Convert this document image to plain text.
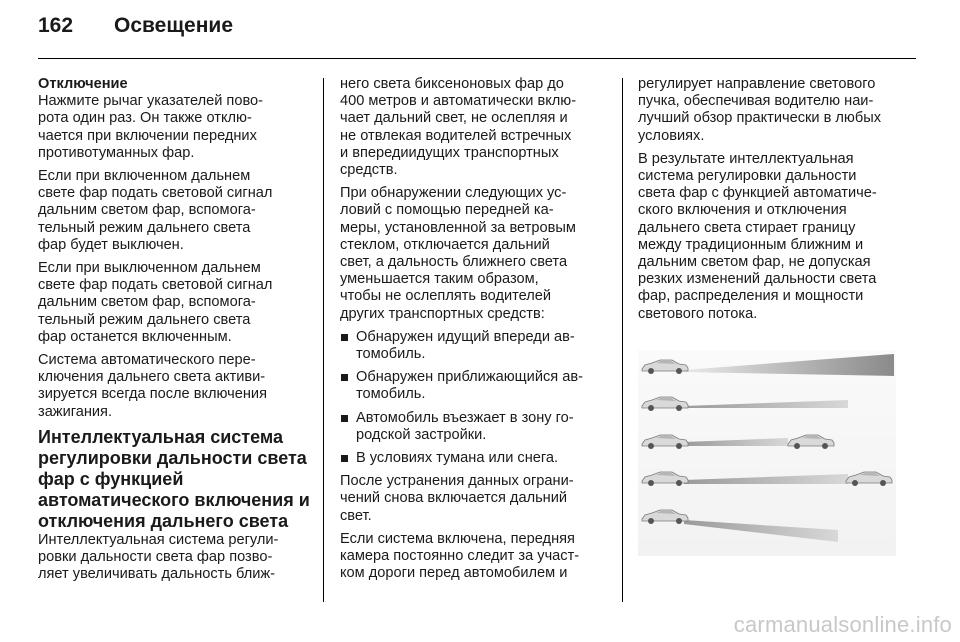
162	Освещение
Отключение
Нажмите рычаг указателей пово-
рота один раз. Он также отклю-
чается при включении передних
противотуманных фар.
Если при включенном дальнем
свете фар подать световой сигнал
дальним светом фар, вспомога-
тельный режим дальнего света
фар будет выключен.
Если при выключенном дальнем
свете фар подать световой сигнал
дальним светом фар, вспомога-
тельный режим дальнего света
фар останется включенным.
Система автоматического пере-
ключения дальнего света активи-
зируется всегда после включения
зажигания.
Интеллектуальная система
регулировки дальности света
фар с функцией
автоматического включения и
отключения дальнего света
Интеллектуальная система регули-
ровки дальности света фар позво-
ляет увеличивать дальность ближ-
него света биксеноновых фар до
400 метров и автоматически вклю-
чает дальний свет, не ослепляя и
не отвлекая водителей встречных
и впередиидущих транспортных
средств.
При обнаружении следующих ус-
ловий с помощью передней ка-
меры, установленной за ветровым
стеклом, отключается дальний
свет, а дальность ближнего света
уменьшается таким образом,
чтобы не ослеплять водителей
других транспортных средств:
Обнаружен идущий впереди ав-
томобиль.
Обнаружен приближающийся ав-
томобиль.
Автомобиль въезжает в зону го-
родской застройки.
В условиях тумана или снега.
После устранения данных ограни-
чений снова включается дальний
свет.
Если система включена, передняя
камера постоянно следит за участ-
ком дороги перед автомобилем и
регулирует направление светового
пучка, обеспечивая водителю наи-
лучший обзор практически в любых
условиях.
В результате интеллектуальная
система регулировки дальности
света фар с функцией автоматиче-
ского включения и отключения
дальнего света стирает границу
между традиционным ближним и
дальним светом фар, не допуская
резких изменений дальности света
фар, распределения и мощности
светового потока.
carmanualsonline.info
